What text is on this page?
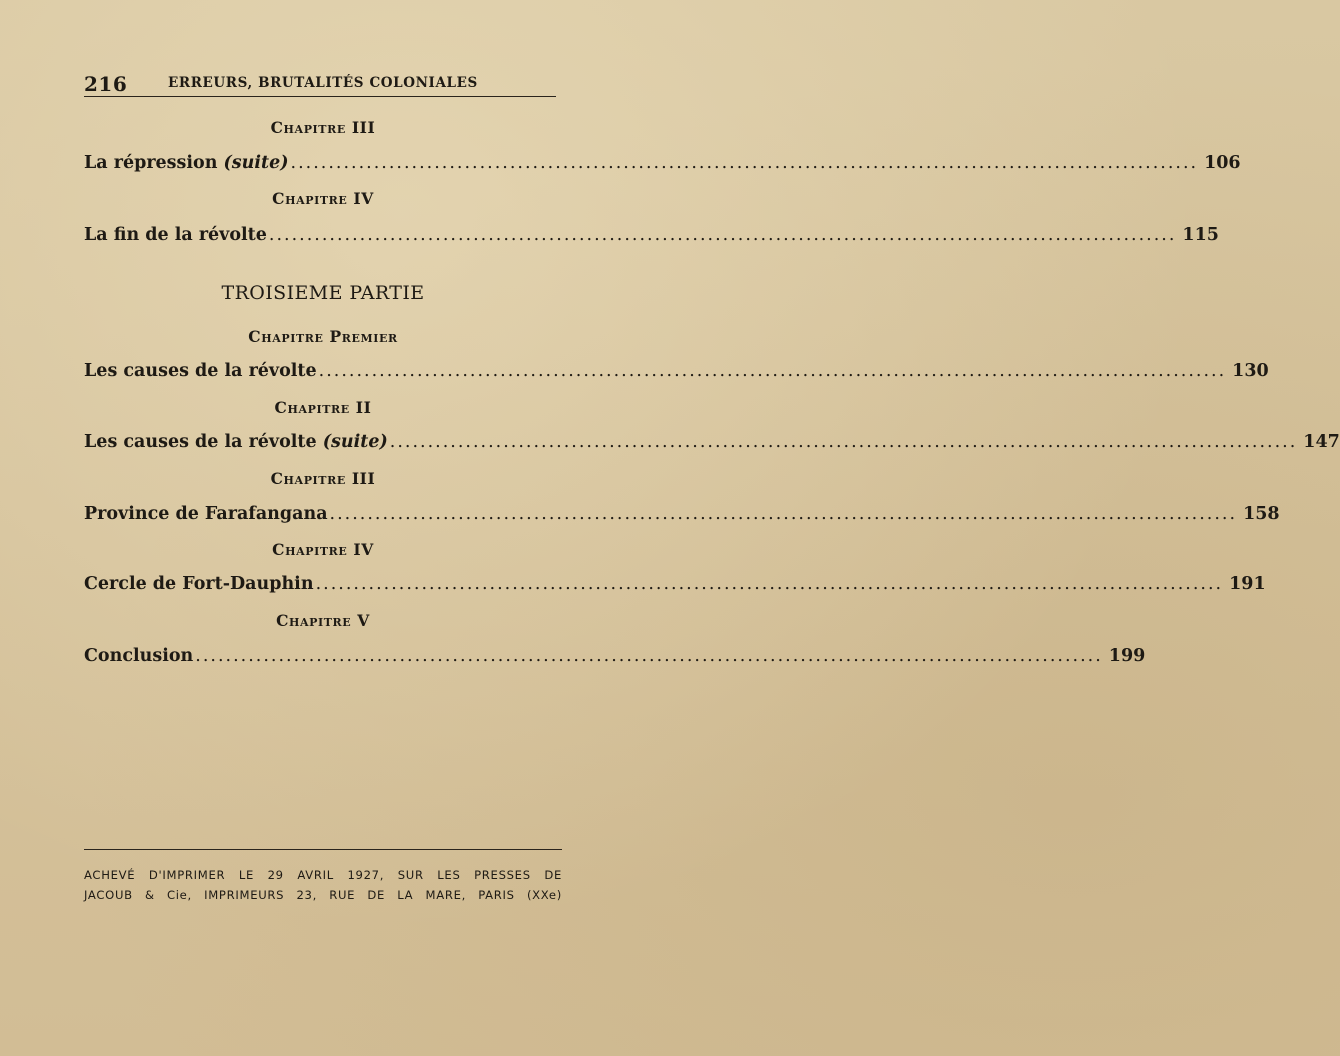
216	ERREURS, BRUTALITÉS COLONIALES
Chapitre III
La répression (suite) ........................................................................................................................ 106
Chapitre IV
La fin de la révolte ........................................................................................................................ 115
TROISIEME PARTIE
Chapitre Premier
Les causes de la révolte ........................................................................................................................ 130
Chapitre II
Les causes de la révolte (suite) ........................................................................................................................ 147
Chapitre III
Province de Farafangana ........................................................................................................................ 158
Chapitre IV
Cercle de Fort-Dauphin ........................................................................................................................ 191
Chapitre V
Conclusion ........................................................................................................................ 199
ACHEVÉ D'IMPRIMER LE 29 AVRIL 1927, SUR LES PRESSES DE
JACOUB & Cie, IMPRIMEURS 23, RUE DE LA MARE, PARIS (XXe)
